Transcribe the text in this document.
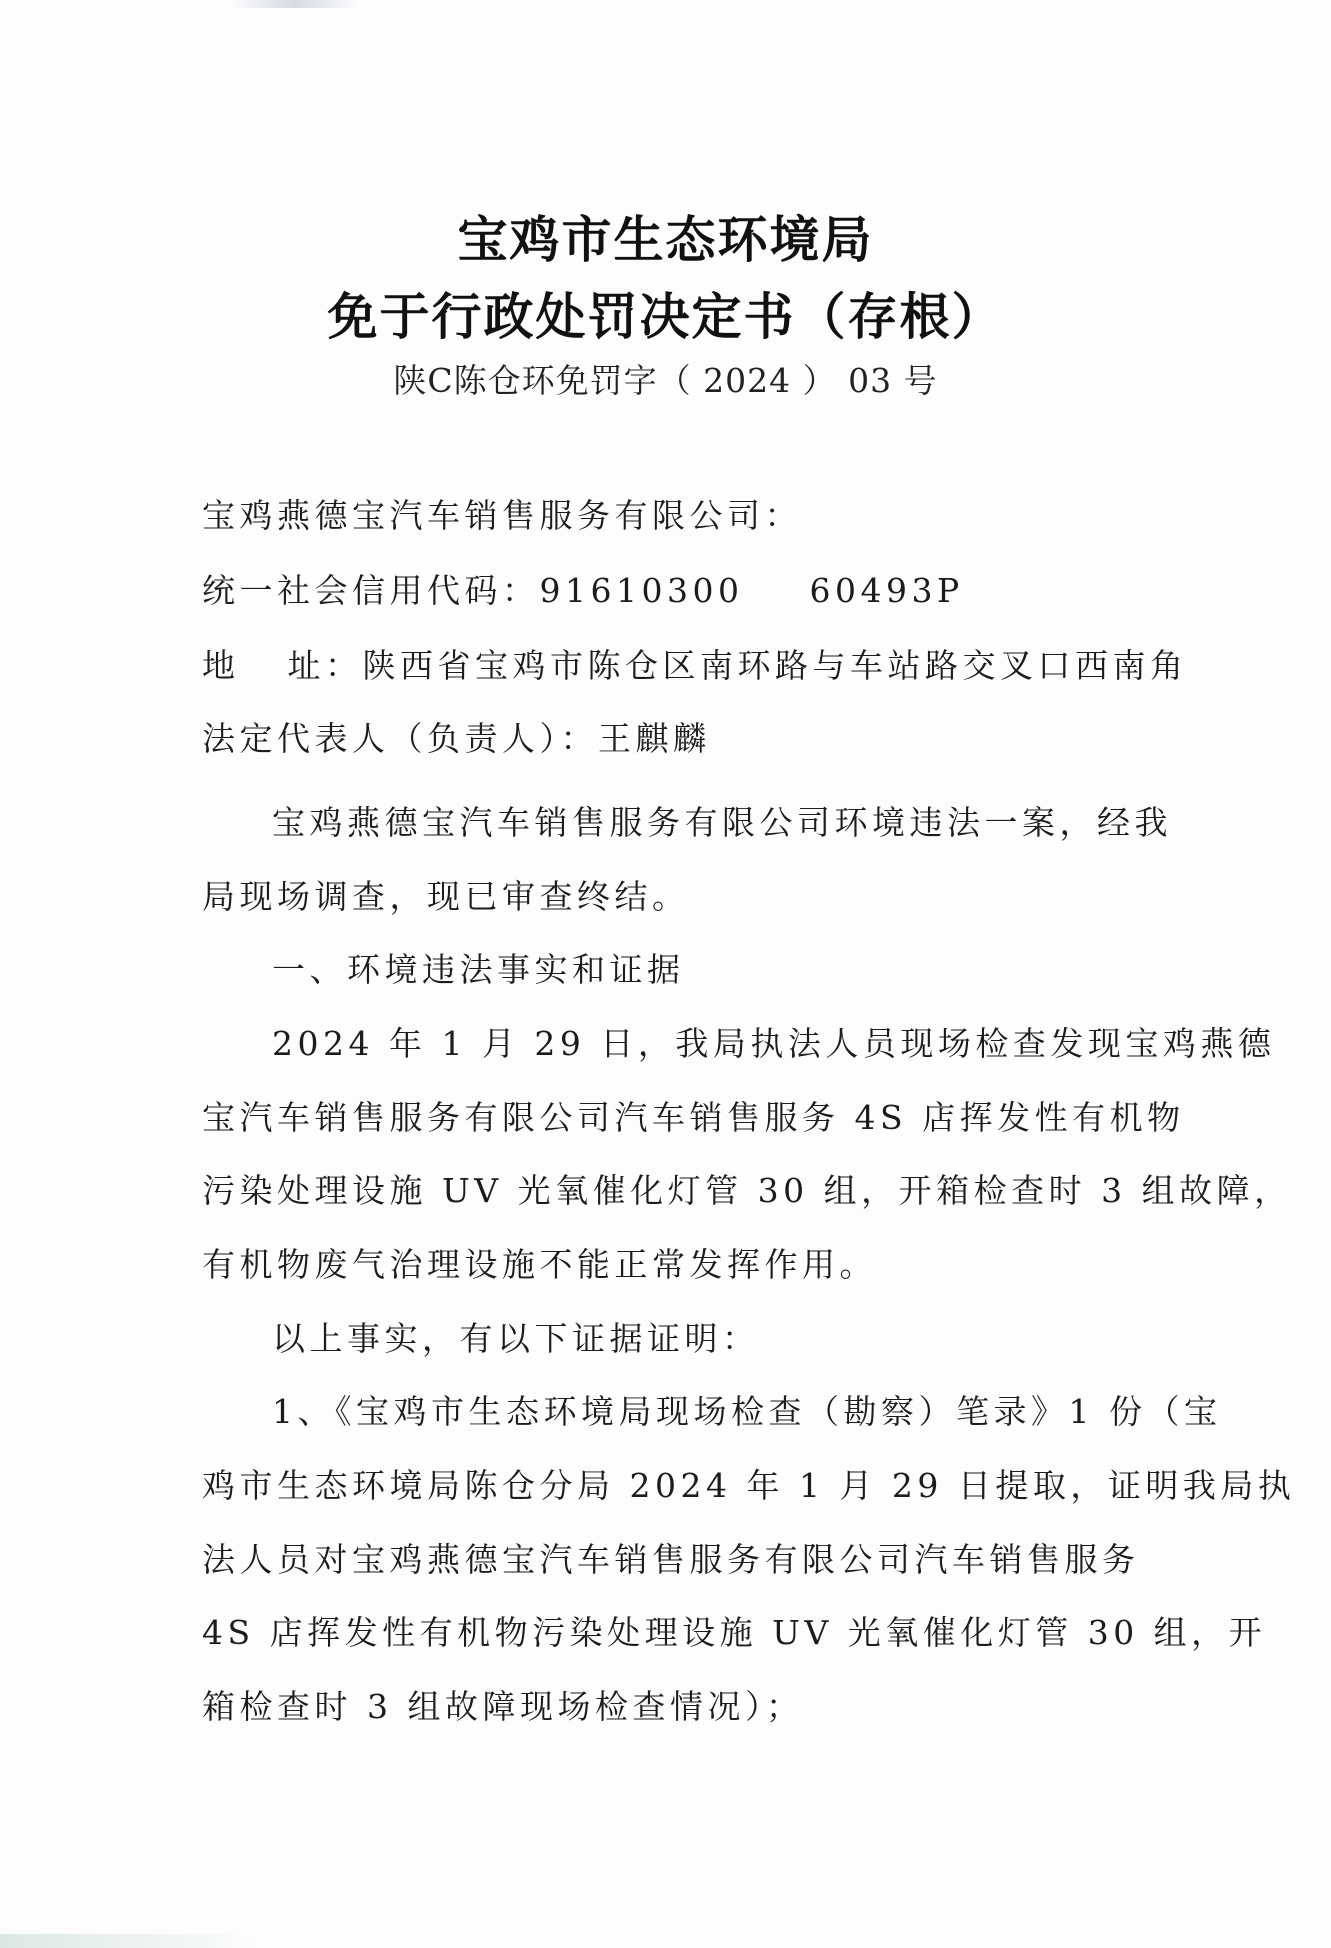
宝鸡市生态环境局
免于行政处罚决定书（存根）
陕C陈仓环免罚字（ 2024 ） 03 号
宝鸡燕德宝汽车销售服务有限公司：
统一社会信用代码：91610300 60493P
地 址：陕西省宝鸡市陈仓区南环路与车站路交叉口西南角
法定代表人（负责人）：王麒麟
宝鸡燕德宝汽车销售服务有限公司环境违法一案，经我
局现场调查，现已审查终结。
一、环境违法事实和证据
2024 年 1 月 29 日，我局执法人员现场检查发现宝鸡燕德
宝汽车销售服务有限公司汽车销售服务 4S 店挥发性有机物
污染处理设施 UV 光氧催化灯管 30 组，开箱检查时 3 组故障，
有机物废气治理设施不能正常发挥作用。
以上事实，有以下证据证明：
1、《宝鸡市生态环境局现场检查（勘察）笔录》1 份（宝
鸡市生态环境局陈仓分局 2024 年 1 月 29 日提取，证明我局执
法人员对宝鸡燕德宝汽车销售服务有限公司汽车销售服务
4S 店挥发性有机物污染处理设施 UV 光氧催化灯管 30 组，开
箱检查时 3 组故障现场检查情况）；
